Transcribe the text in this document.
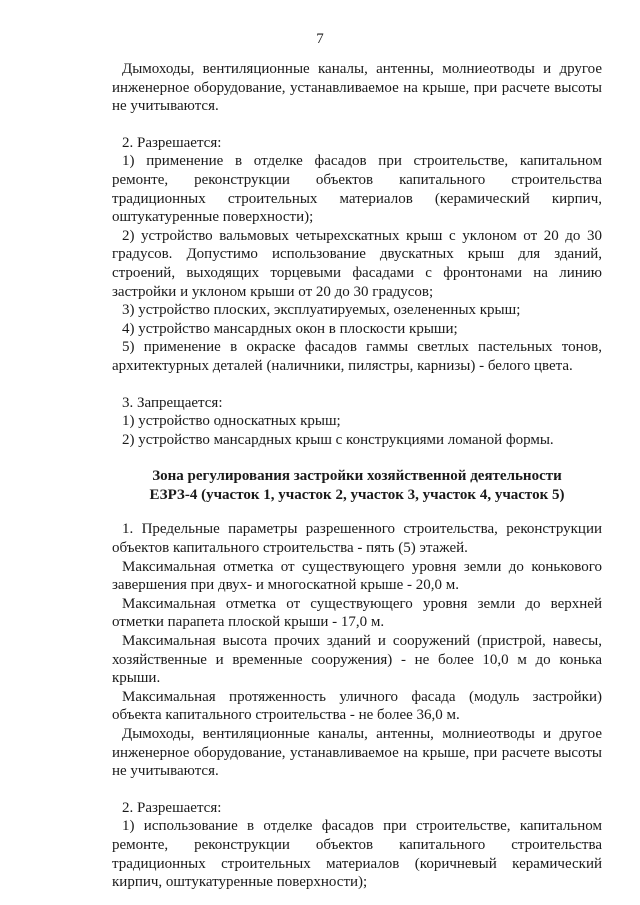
7

Дымоходы, вентиляционные каналы, антенны, молниеотводы и другое инженерное оборудование, устанавливаемое на крыше, при расчете высоты не учитываются.

2. Разрешается:

1) применение в отделке фасадов при строительстве, капитальном ремонте, реконструкции объектов капитального строительства традиционных строительных материалов (керамический кирпич, оштукатуренные поверхности);

2) устройство вальмовых четырехскатных крыш с уклоном от 20 до 30 градусов. Допустимо использование двускатных крыш для зданий, строений, выходящих торцевыми фасадами с фронтонами на линию застройки и уклоном крыши от 20 до 30 градусов;

3) устройство плоских, эксплуатируемых, озелененных крыш;

4) устройство мансардных окон в плоскости крыши;

5) применение в окраске фасадов гаммы светлых пастельных тонов, архитектурных деталей (наличники, пилястры, карнизы) - белого цвета.

3. Запрещается:

1) устройство односкатных крыш;

2) устройство мансардных крыш с конструкциями ломаной формы.

Зона регулирования застройки хозяйственной деятельности

ЕЗРЗ-4 (участок 1, участок 2, участок 3, участок 4, участок 5)

1. Предельные параметры разрешенного строительства, реконструкции объектов капитального строительства - пять (5) этажей.

Максимальная отметка от существующего уровня земли до конькового завершения при двух- и многоскатной крыше - 20,0 м.

Максимальная отметка от существующего уровня земли до верхней отметки парапета плоской крыши - 17,0 м.

Максимальная высота прочих зданий и сооружений (пристрой, навесы, хозяйственные и временные сооружения) - не более 10,0 м до конька крыши.

Максимальная протяженность уличного фасада (модуль застройки) объекта капитального строительства - не более 36,0 м.

Дымоходы, вентиляционные каналы, антенны, молниеотводы и другое инженерное оборудование, устанавливаемое на крыше, при расчете высоты не учитываются.

2. Разрешается:

1) использование в отделке фасадов при строительстве, капитальном ремонте, реконструкции объектов капитального строительства традиционных строительных материалов (коричневый керамический кирпич, оштукатуренные поверхности);
